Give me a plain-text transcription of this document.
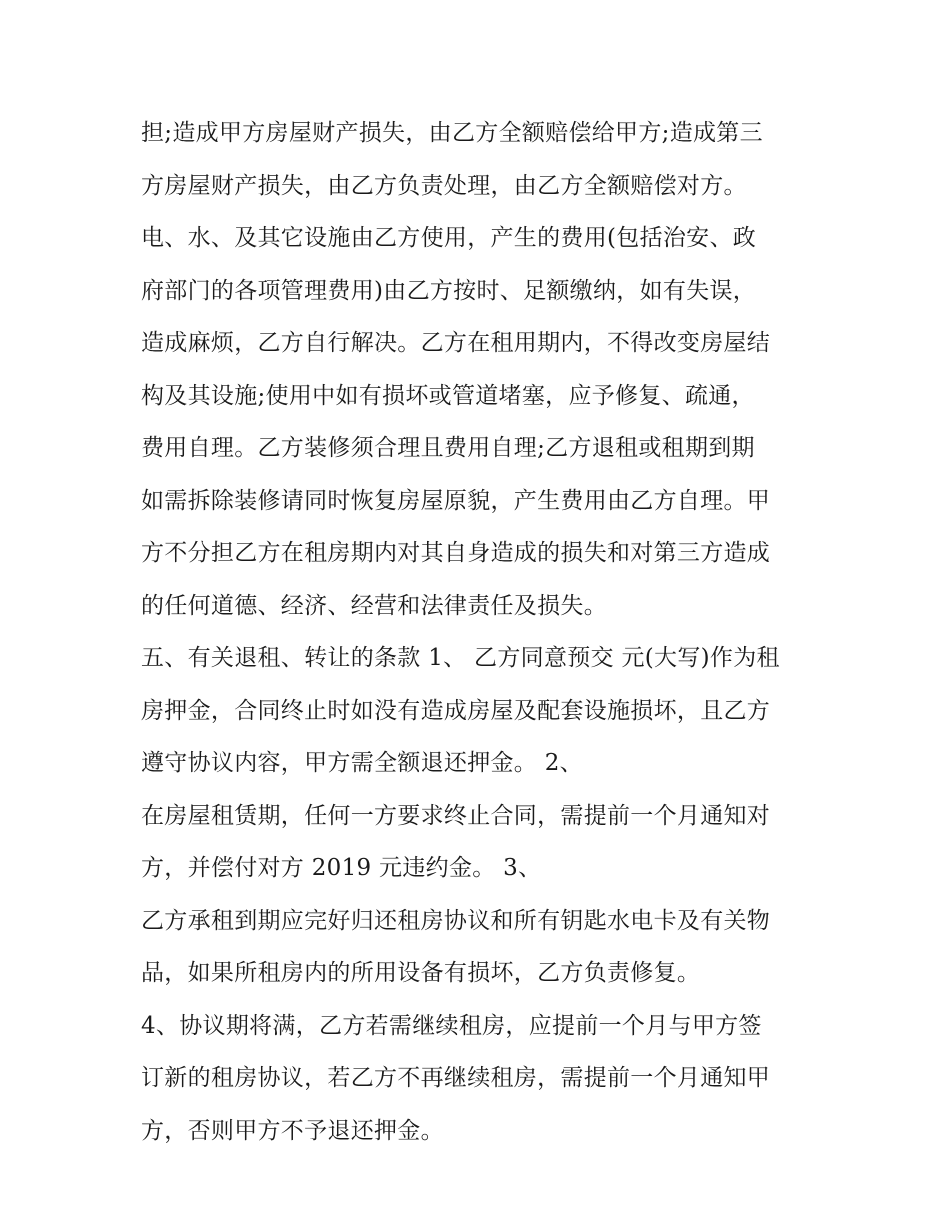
担;造成甲方房屋财产损失，由乙方全额赔偿给甲方;造成第三
方房屋财产损失，由乙方负责处理，由乙方全额赔偿对方。
电、水、及其它设施由乙方使用，产生的费用(包括治安、政
府部门的各项管理费用)由乙方按时、足额缴纳，如有失误，
造成麻烦，乙方自行解决。乙方在租用期内，不得改变房屋结
构及其设施;使用中如有损坏或管道堵塞，应予修复、疏通，
费用自理。乙方装修须合理且费用自理;乙方退租或租期到期
如需拆除装修请同时恢复房屋原貌，产生费用由乙方自理。甲
方不分担乙方在租房期内对其自身造成的损失和对第三方造成
的任何道德、经济、经营和法律责任及损失。
五、有关退租、转让的条款 1、 乙方同意预交 元(大写)作为租
房押金，合同终止时如没有造成房屋及配套设施损坏，且乙方
遵守协议内容，甲方需全额退还押金。 2、
在房屋租赁期，任何一方要求终止合同，需提前一个月通知对
方，并偿付对方 2019 元违约金。 3、
乙方承租到期应完好归还租房协议和所有钥匙水电卡及有关物
品，如果所租房内的所用设备有损坏，乙方负责修复。
4、协议期将满，乙方若需继续租房，应提前一个月与甲方签
订新的租房协议，若乙方不再继续租房，需提前一个月通知甲
方，否则甲方不予退还押金。
